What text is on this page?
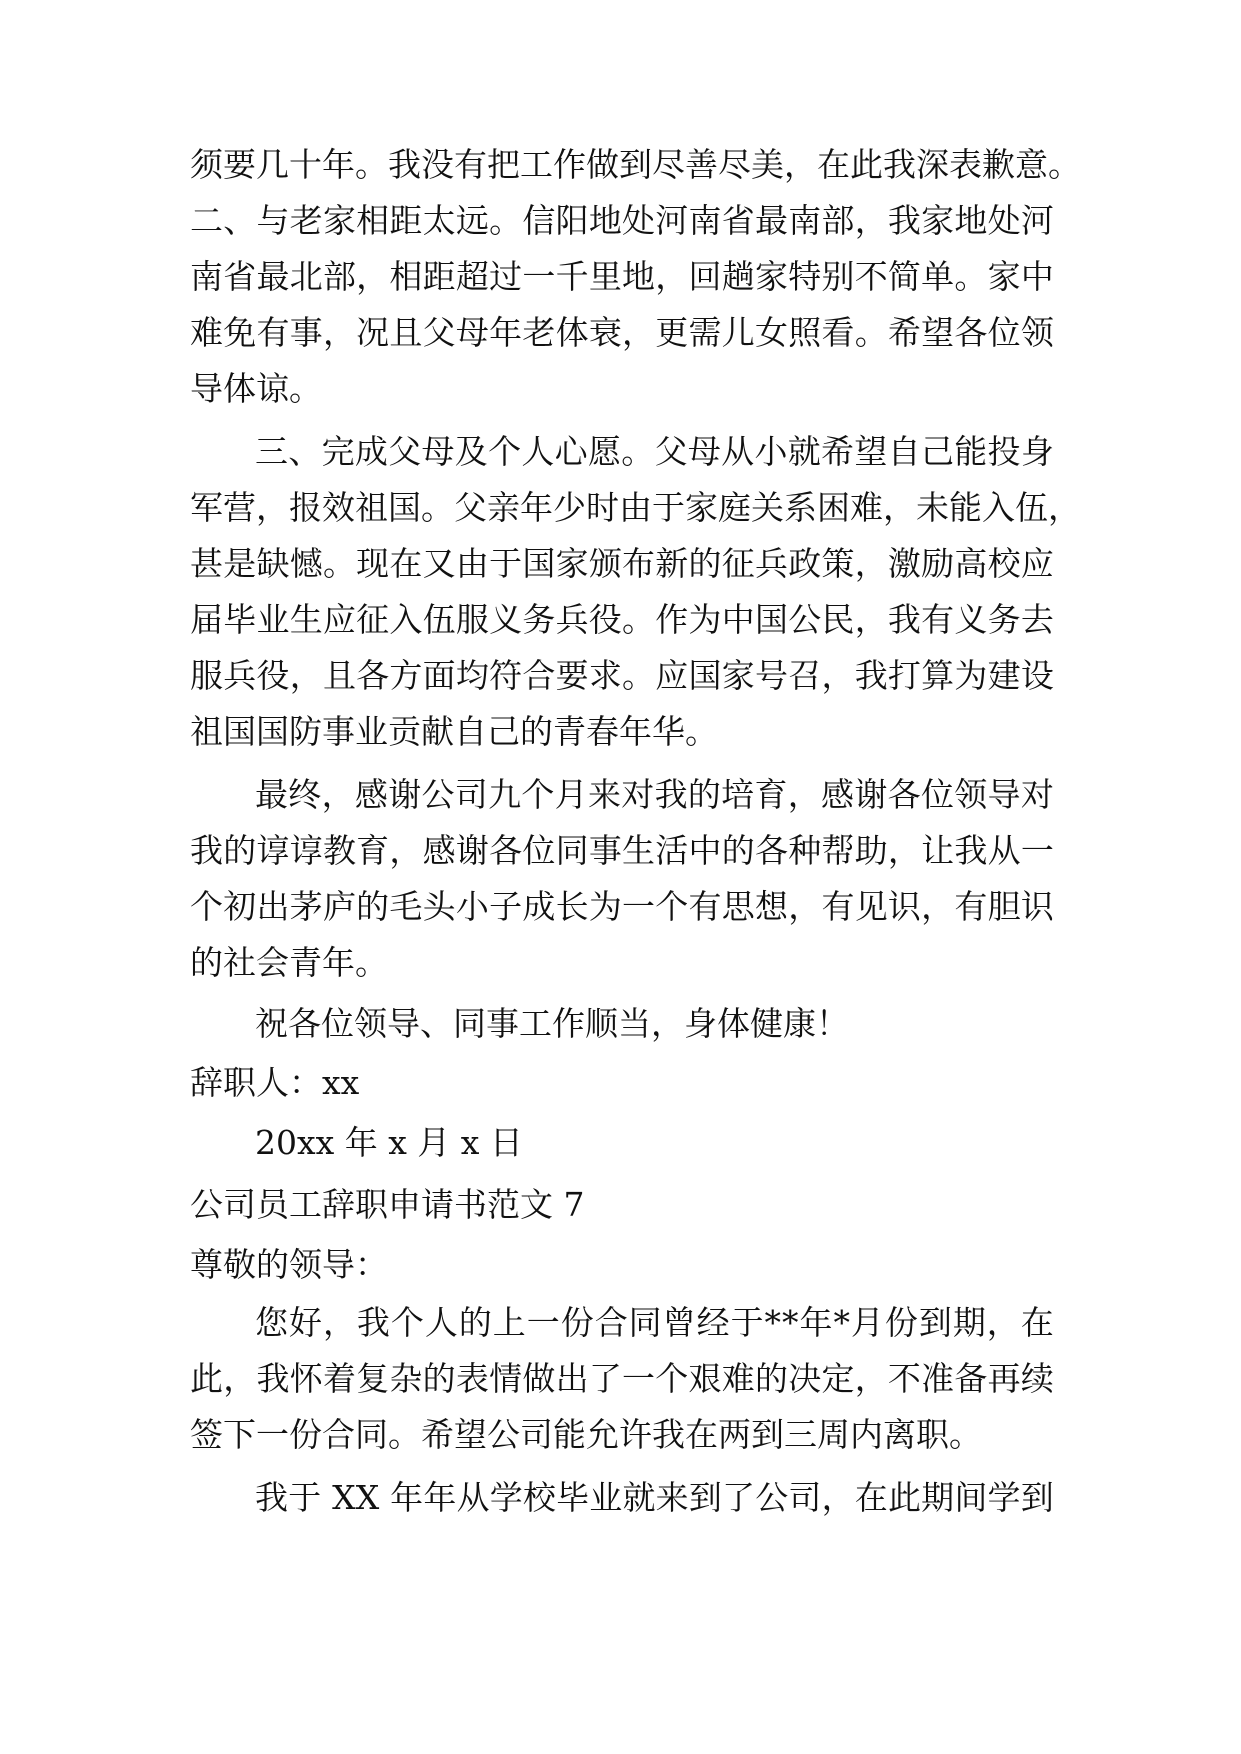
须 要 几 十 年 。 我 没 有 把 工 作 做 到 尽 善 尽 美 ， 在 此 我 深 表 歉 意 。
二 、 与 老 家 相 距 太 远 。 信 阳 地 处 河 南 省 最 南 部 ， 我 家 地 处 河
南 省 最 北 部 ， 相 距 超 过 一 千 里 地 ， 回 趟 家 特 别 不 简 单 。 家 中
难 免 有 事 ， 况 且 父 母 年 老 体 衰 ， 更 需 儿 女 照 看 。 希 望 各 位 领
导体谅。
三 、 完 成 父 母 及 个 人 心 愿 。 父 母 从 小 就 希 望 自 己 能 投 身
军 营 ， 报 效 祖 国 。 父 亲 年 少 时 由 于 家 庭 关 系 困 难 ， 未 能 入 伍 ，
甚 是 缺 憾 。 现 在 又 由 于 国 家 颁 布 新 的 征 兵 政 策 ， 激 励 高 校 应
届 毕 业 生 应 征 入 伍 服 义 务 兵 役 。 作 为 中 国 公 民 ， 我 有 义 务 去
服 兵 役 ， 且 各 方 面 均 符 合 要 求 。 应 国 家 号 召 ， 我 打 算 为 建 设
祖国国防事业贡献自己的青春年华。
最 终 ， 感 谢 公 司 九 个 月 来 对 我 的 培 育 ， 感 谢 各 位 领 导 对
我 的 谆 谆 教 育 ， 感 谢 各 位 同 事 生 活 中 的 各 种 帮 助 ， 让 我 从 一
个 初 出 茅 庐 的 毛 头 小 子 成 长 为 一 个 有 思 想 ， 有 见 识 ， 有 胆 识
的社会青年。
祝各位领导、同事工作顺当，身体健康！
辞职人：xx
20xx 年 x 月 x 日
公司员工辞职申请书范文 7
尊敬的领导：
您 好 ， 我 个 人 的 上 一 份 合 同 曾 经 于 * * 年 * 月 份 到 期 ， 在
此 ， 我 怀 着 复 杂 的 表 情 做 出 了 一 个 艰 难 的 决 定 ， 不 准 备 再 续
签下一份合同。希望公司能允许我在两到三周内离职。
我 于
X X
年 年 从 学 校 毕 业 就 来 到 了 公 司 ， 在 此 期 间 学 到
